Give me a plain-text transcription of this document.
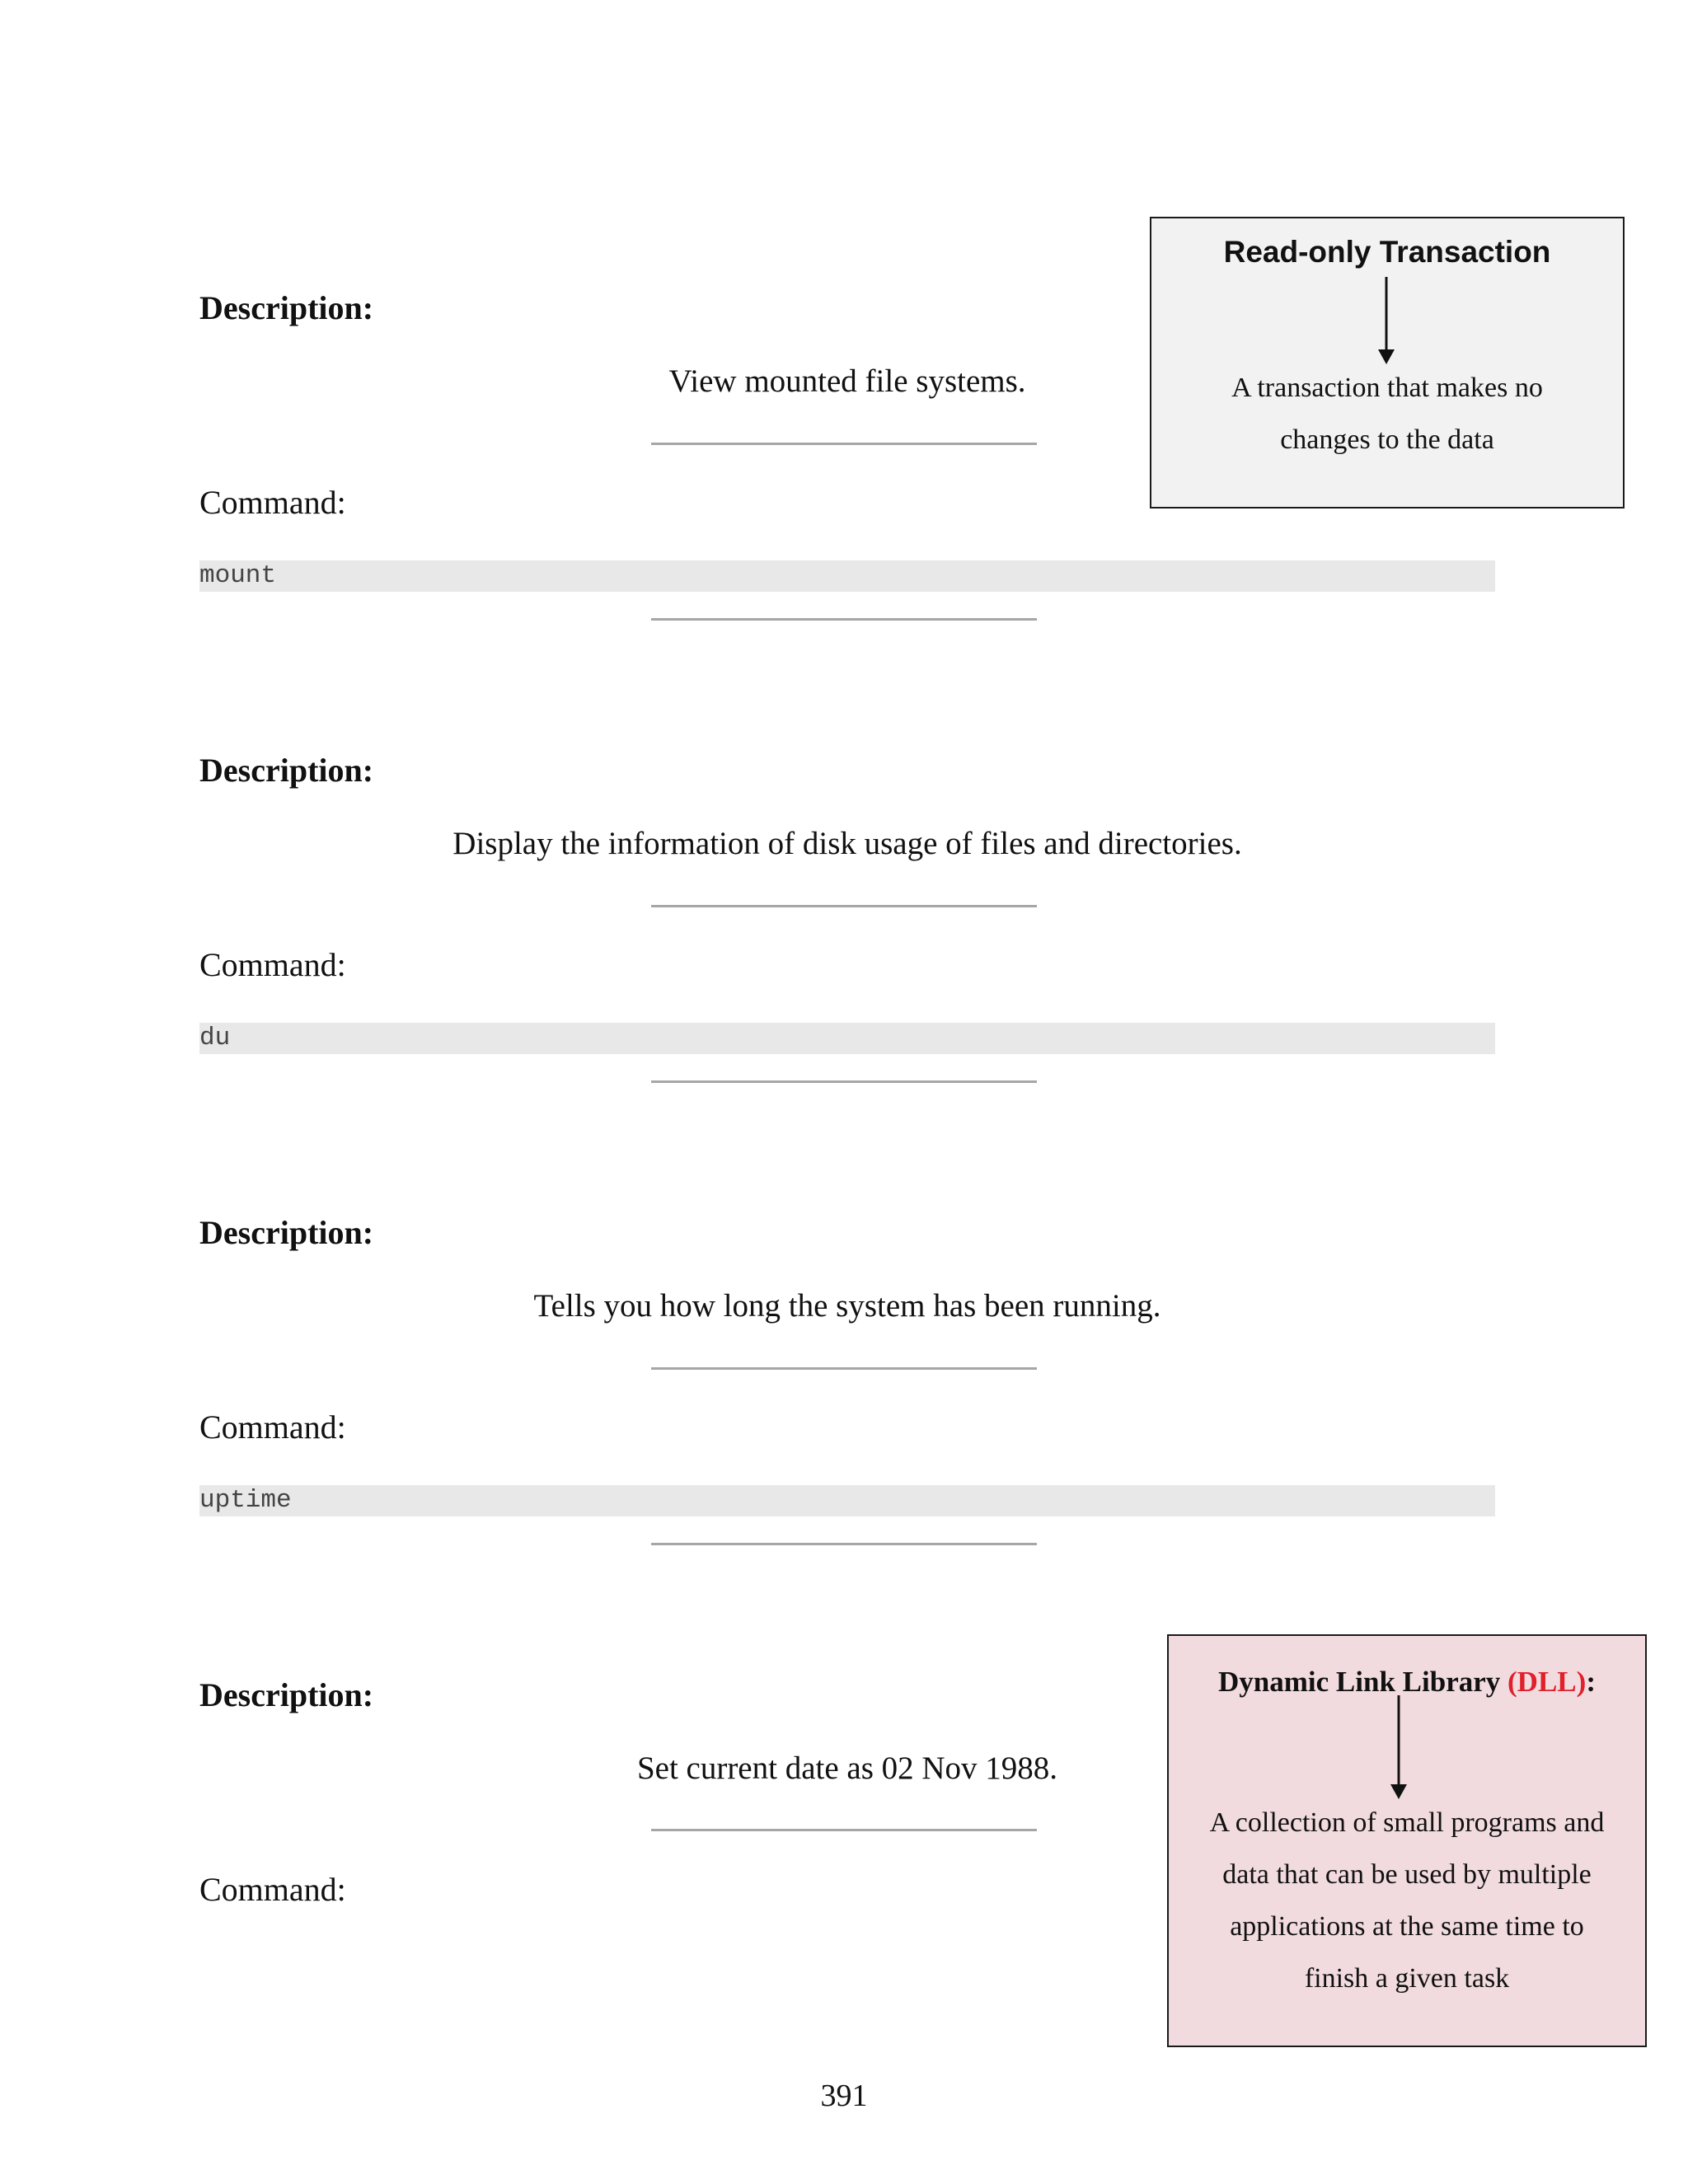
Description:
View mounted file systems.
Command:
mount
Description:
Display the information of disk usage of files and directories.
Command:
du
Description:
Tells you how long the system has been running.
Command:
uptime
Description:
Set current date as 02 Nov 1988.
Command:
Read-only Transaction
A transaction that makes no
changes to the data
Dynamic Link Library (DLL):
A collection of small programs and
data that can be used by multiple
applications at the same time to
finish a given task
391
